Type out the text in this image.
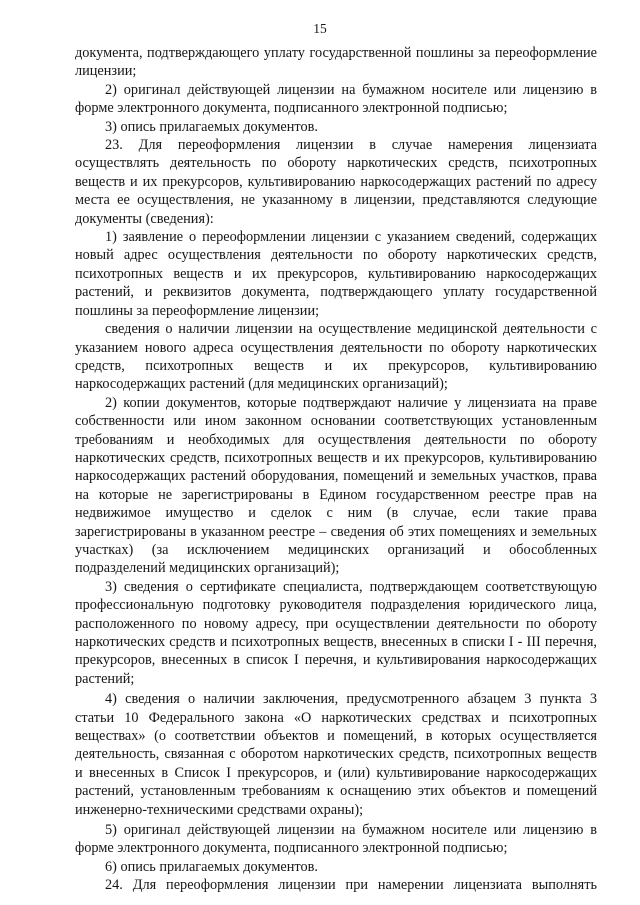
15

документа, подтверждающего уплату государственной пошлины за переоформление лицензии;

2) оригинал действующей лицензии на бумажном носителе или лицензию в форме электронного документа, подписанного электронной подписью;

3) опись прилагаемых документов.

23. Для переоформления лицензии в случае намерения лицензиата осуществлять деятельность по обороту наркотических средств, психотропных веществ и их прекурсоров, культивированию наркосодержащих растений по адресу места ее осуществления, не указанному в лицензии, представляются следующие документы (сведения):

1) заявление о переоформлении лицензии с указанием сведений, содержащих новый адрес осуществления деятельности по обороту наркотических средств, психотропных веществ и их прекурсоров, культивированию наркосодержащих растений, и реквизитов документа, подтверждающего уплату государственной пошлины за переоформление лицензии;

сведения о наличии лицензии на осуществление медицинской деятельности с указанием нового адреса осуществления деятельности по обороту наркотических средств, психотропных веществ и их прекурсоров, культивированию наркосодержащих растений (для медицинских организаций);

2) копии документов, которые подтверждают наличие у лицензиата на праве собственности или ином законном основании соответствующих установленным требованиям и необходимых для осуществления деятельности по обороту наркотических средств, психотропных веществ и их прекурсоров, культивированию наркосодержащих растений оборудования, помещений и земельных участков, права на которые не зарегистрированы в Едином государственном реестре прав на недвижимое имущество и сделок с ним (в случае, если такие права зарегистрированы в указанном реестре – сведения об этих помещениях и земельных участках) (за исключением медицинских организаций и обособленных подразделений медицинских организаций);

3) сведения о сертификате специалиста, подтверждающем соответствующую профессиональную подготовку руководителя подразделения юридического лица, расположенного по новому адресу, при осуществлении деятельности по обороту наркотических средств и психотропных веществ, внесенных в списки I - III перечня, прекурсоров, внесенных в список I перечня, и культивирования наркосодержащих растений;

4) сведения о наличии заключения, предусмотренного абзацем 3 пункта 3 статьи 10 Федерального закона «О наркотических средствах и психотропных веществах» (о соответствии объектов и помещений, в которых осуществляется деятельность, связанная с оборотом наркотических средств, психотропных веществ и внесенных в Список I прекурсоров, и (или) культивирование наркосодержащих растений, установленным требованиям к оснащению этих объектов и помещений инженерно-техническими средствами охраны);

5) оригинал действующей лицензии на бумажном носителе или лицензию в форме электронного документа, подписанного электронной подписью;

6) опись прилагаемых документов.

24. Для переоформления лицензии при намерении лицензиата выполнять
